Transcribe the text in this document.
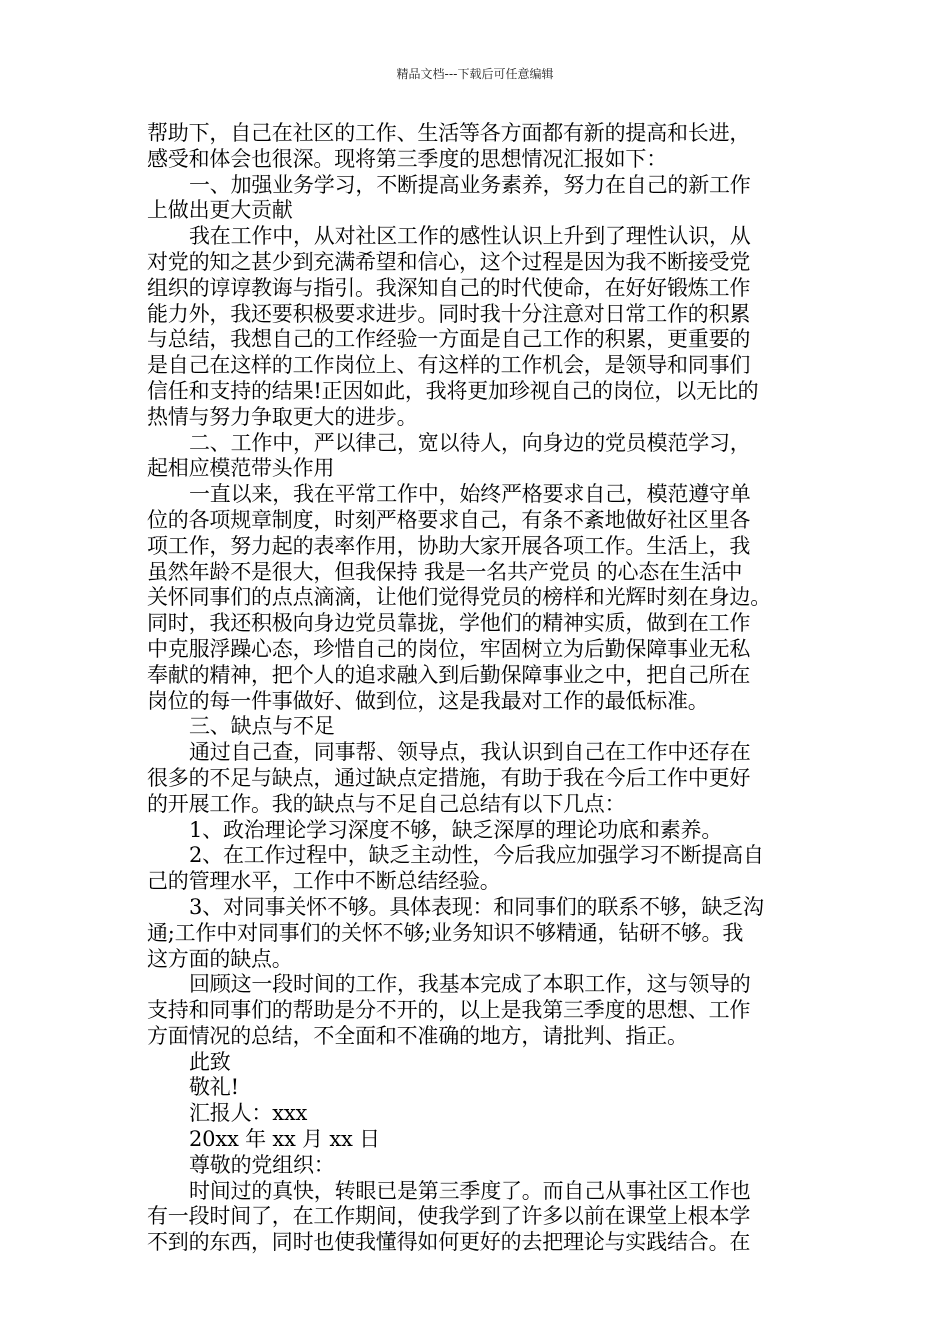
精品文档---下载后可任意编辑
帮助下，自己在社区的工作、生活等各方面都有新的提高和长进，
感受和体会也很深。现将第三季度的思想情况汇报如下：
一、加强业务学习，不断提高业务素养，努力在自己的新工作
上做出更大贡献
我在工作中，从对社区工作的感性认识上升到了理性认识，从
对党的知之甚少到充满希望和信心，这个过程是因为我不断接受党
组织的谆谆教诲与指引。我深知自己的时代使命，在好好锻炼工作
能力外，我还要积极要求进步。同时我十分注意对日常工作的积累
与总结，我想自己的工作经验一方面是自己工作的积累，更重要的
是自己在这样的工作岗位上、有这样的工作机会，是领导和同事们
信任和支持的结果!正因如此，我将更加珍视自己的岗位，以无比的
热情与努力争取更大的进步。
二、工作中，严以律己，宽以待人，向身边的党员模范学习，
起相应模范带头作用
一直以来，我在平常工作中，始终严格要求自己，模范遵守单
位的各项规章制度，时刻严格要求自己，有条不紊地做好社区里各
项工作，努力起的表率作用，协助大家开展各项工作。生活上，我
虽然年龄不是很大，但我保持 我是一名共产党员 的心态在生活中
关怀同事们的点点滴滴，让他们觉得党员的榜样和光辉时刻在身边。
同时，我还积极向身边党员靠拢，学他们的精神实质，做到在工作
中克服浮躁心态，珍惜自己的岗位，牢固树立为后勤保障事业无私
奉献的精神，把个人的追求融入到后勤保障事业之中，把自己所在
岗位的每一件事做好、做到位，这是我最对工作的最低标准。
三、缺点与不足
通过自己查，同事帮、领导点，我认识到自己在工作中还存在
很多的不足与缺点，通过缺点定措施，有助于我在今后工作中更好
的开展工作。我的缺点与不足自己总结有以下几点：
1、政治理论学习深度不够，缺乏深厚的理论功底和素养。
2、在工作过程中，缺乏主动性，今后我应加强学习不断提高自
己的管理水平，工作中不断总结经验。
3、对同事关怀不够。具体表现：和同事们的联系不够，缺乏沟
通;工作中对同事们的关怀不够;业务知识不够精通，钻研不够。我
这方面的缺点。
回顾这一段时间的工作，我基本完成了本职工作，这与领导的
支持和同事们的帮助是分不开的，以上是我第三季度的思想、工作
方面情况的总结，不全面和不准确的地方，请批判、指正。
此致
敬礼!
汇报人：xxx
20xx 年 xx 月 xx 日
尊敬的党组织：
时间过的真快，转眼已是第三季度了。而自己从事社区工作也
有一段时间了，在工作期间，使我学到了许多以前在课堂上根本学
不到的东西，同时也使我懂得如何更好的去把理论与实践结合。在
